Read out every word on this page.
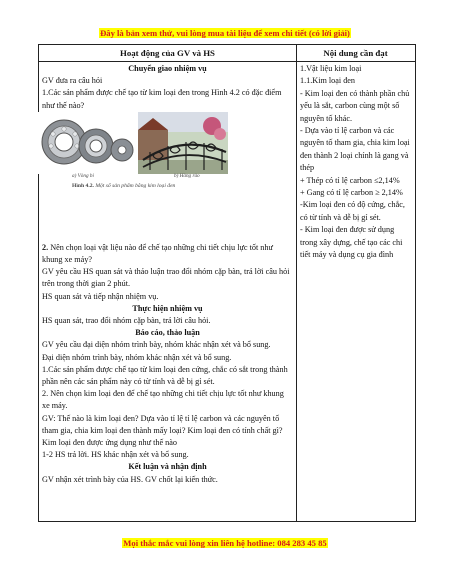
Đây là bản xem thử, vui lòng mua tài liệu để xem chi tiết (có lời giải)
Hoạt động của GV và HS	Nội dung cần đạt

Chuyển giao nhiệm vụ

GV đưa ra câu hỏi

1.Các sản phẩm được chế tạo từ kim loại đen trong Hình 4.2 có đặc điểm như thế nào?

2. Nên chọn loại vật liệu nào để chế tạo những chi tiết chịu lực tốt như khung xe máy?

GV yêu cầu HS quan sát và thảo luận trao đổi nhóm cặp bàn, trả lời câu hỏi trên trong thời gian 2 phút.

HS quan sát và tiếp nhận nhiệm vụ.

Thực hiện nhiệm vụ

HS quan sát, trao đổi nhóm cặp bàn, trả lời câu hỏi.

Báo cáo, thảo luận

GV yêu cầu đại diện nhóm trình bày, nhóm khác nhận xét và bổ sung.

Đại diện nhóm trình bày, nhóm khác nhận xét và bổ sung.

1.Các sản phẩm được chế tạo từ kim loại đen cứng, chắc có sắt trong thành phần nên các sản phẩm này có từ tính và dễ bị gỉ sét.

2. Nên chọn kim loại đen để chế tạo những chi tiết chịu lực tốt như khung xe máy.

GV: Thế nào là kim loại đen? Dựa vào tỉ lệ tỉ lệ carbon và các nguyên tố tham gia, chia kim loại đen thành mấy loại? Kim loại đen có tính chất gì? Kim loại đen được ứng dụng như thế nào

1-2 HS trả lời. HS khác nhận xét và bổ sung.

Kết luận và nhận định

GV nhận xét trình bày của HS. GV chốt lại kiến thức.

1.Vật liệu kim loại

1.1.Kim loại đen

- Kim loại đen có thành phần chủ yếu là sắt, carbon cùng một số nguyên tố khác.

- Dựa vào tỉ lệ carbon và các nguyên tố tham gia, chia kim loại đen thành 2 loại chính là gang và thép

+ Thép có tỉ lệ carbon ≤2,14%

+ Gang có tỉ lệ carbon ≥ 2,14%

-Kim loại đen có độ cứng, chắc, có từ tính và dễ bị gỉ sét.

- Kim loại đen được sử dụng trong xây dựng, chế tạo các chi tiết máy và dụng cụ gia đình

a) Vòng bi	b) Hàng rào
Hình 4.2. Một số sản phẩm bằng kim loại đen
Mọi thắc mắc vui lòng xin liên hệ hotline: 084 283 45 85
